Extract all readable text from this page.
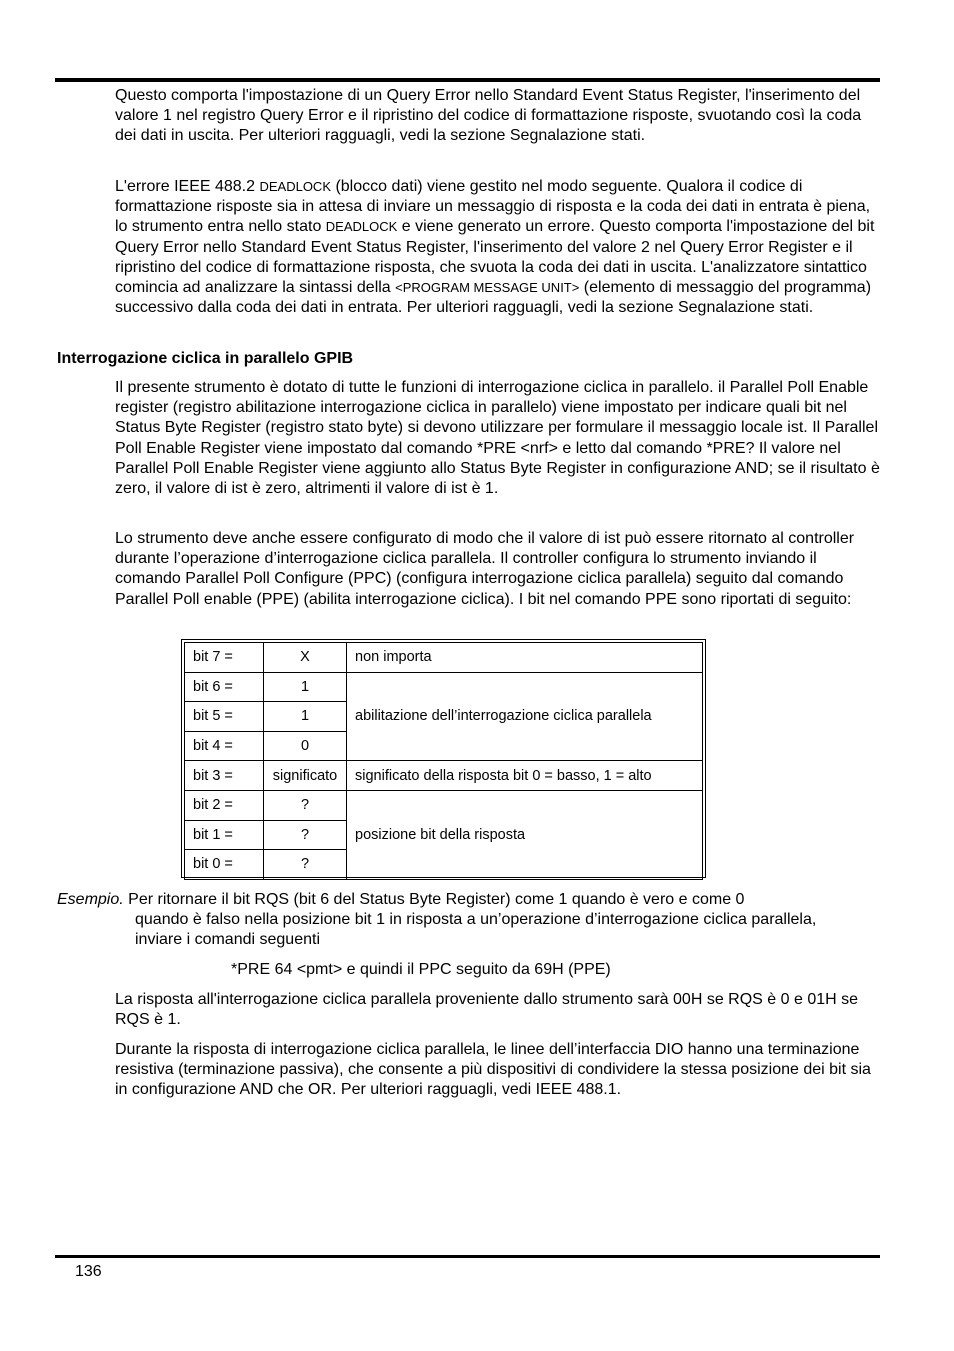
Questo comporta l'impostazione di un Query Error nello Standard Event Status Register, l'inserimento del valore 1 nel registro Query Error e il ripristino del codice di formattazione risposte, svuotando così la coda dei dati in uscita. Per ulteriori ragguagli, vedi la sezione Segnalazione stati.

L'errore IEEE 488.2 DEADLOCK (blocco dati) viene gestito nel modo seguente. Qualora il codice di formattazione risposte sia in attesa di inviare un messaggio di risposta e la coda dei dati in entrata è piena, lo strumento entra nello stato DEADLOCK e viene generato un errore. Questo comporta l'impostazione del bit Query Error nello Standard Event Status Register, l'inserimento del valore 2 nel Query Error Register e il ripristino del codice di formattazione risposta, che svuota la coda dei dati in uscita. L'analizzatore sintattico comincia ad analizzare la sintassi della <PROGRAM MESSAGE UNIT> (elemento di messaggio del programma) successivo dalla coda dei dati in entrata. Per ulteriori ragguagli, vedi la sezione Segnalazione stati.

Interrogazione ciclica in parallelo GPIB

Il presente strumento è dotato di tutte le funzioni di interrogazione ciclica in parallelo. il Parallel Poll Enable register (registro abilitazione interrogazione ciclica in parallelo) viene impostato per indicare quali bit nel Status Byte Register (registro stato byte) si devono utilizzare per formulare il messaggio locale ist. Il Parallel Poll Enable Register viene impostato dal comando *PRE <nrf> e letto dal comando *PRE? Il valore nel Parallel Poll Enable Register viene aggiunto allo Status Byte Register in configurazione AND; se il risultato è zero, il valore di ist è zero, altrimenti il valore di ist è 1.

Lo strumento deve anche essere configurato di modo che il valore di ist può essere ritornato al controller durante l’operazione d’interrogazione ciclica parallela. Il controller configura lo strumento inviando il comando Parallel Poll Configure (PPC) (configura interrogazione ciclica parallela) seguito dal comando Parallel Poll enable (PPE) (abilita interrogazione ciclica). I bit nel comando PPE sono riportati di seguito:

bit 7 =	X	non importa
bit 6 =	1	abilitazione dell’interrogazione ciclica parallela
bit 5 =	1	
bit 4 =	0	
bit 3 =	significato	significato della risposta bit 0 = basso, 1 = alto
bit 2 =	?	posizione bit della risposta
bit 1 =	?	
bit 0 =	?	

Esempio. Per ritornare il bit RQS (bit 6 del Status Byte Register) come 1 quando è vero e come 0

quando è falso nella posizione bit 1 in risposta a un’operazione d’interrogazione ciclica parallela, inviare i comandi seguenti

*PRE 64 <pmt> e quindi il PPC seguito da 69H (PPE)

La risposta all'interrogazione ciclica parallela proveniente dallo strumento sarà 00H se RQS è 0 e 01H se RQS è 1.

Durante la risposta di interrogazione ciclica parallela, le linee dell’interfaccia DIO hanno una terminazione resistiva (terminazione passiva), che consente a più dispositivi di condividere la stessa posizione dei bit sia in configurazione AND che OR. Per ulteriori ragguagli, vedi IEEE 488.1.

136
